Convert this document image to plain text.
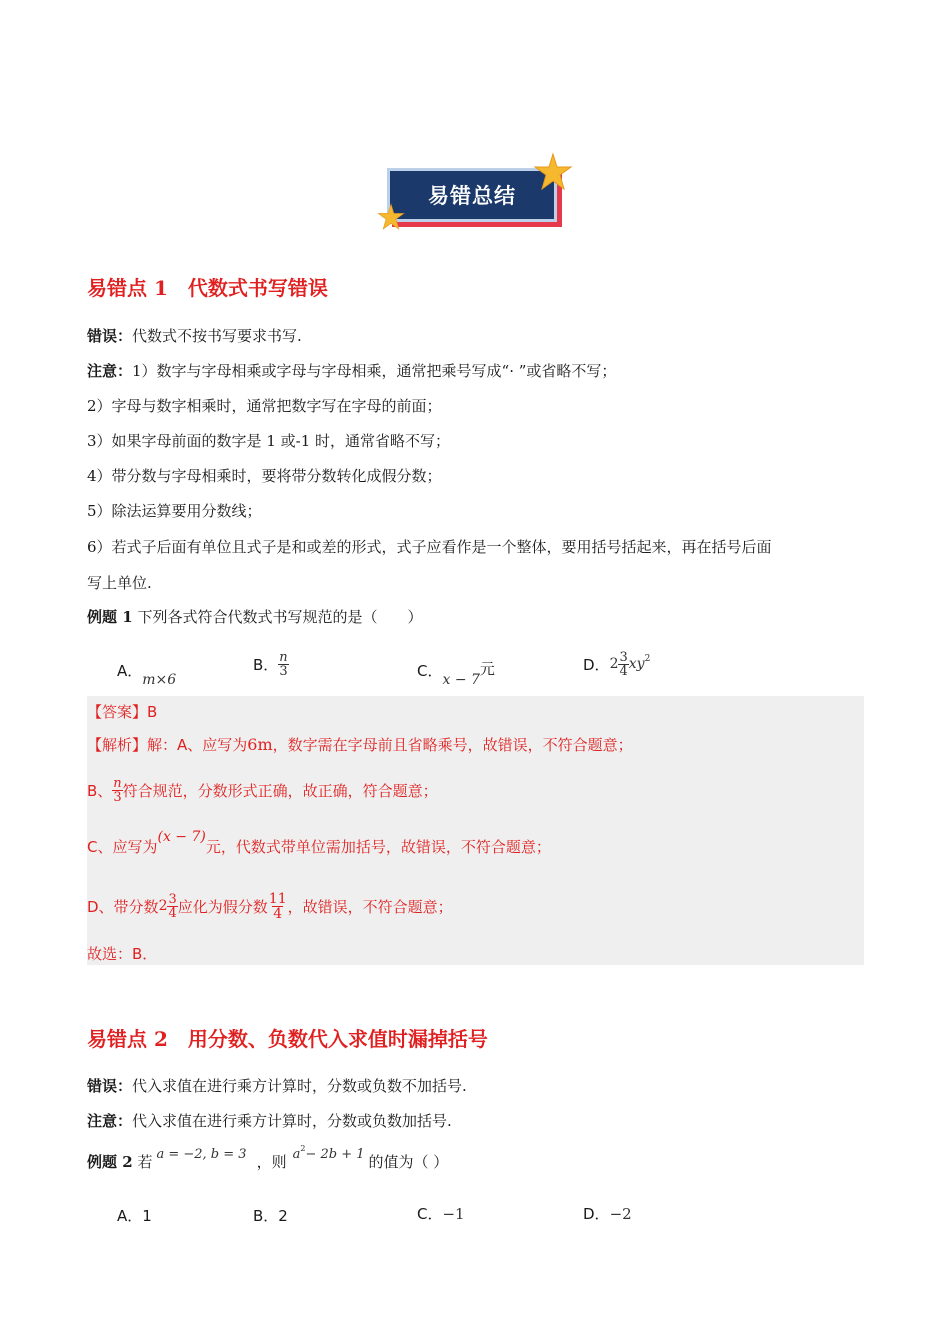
易错总结
易错点 1　代数式书写错误
错误：代数式不按书写要求书写.
注意：1）数字与字母相乘或字母与字母相乘，通常把乘号写成“· ”或省略不写；
2）字母与数字相乘时，通常把数字写在字母的前面；
3）如果字母前面的数字是 1 或-1 时，通常省略不写；
4）带分数与字母相乘时，要将带分数转化成假分数；
5）除法运算要用分数线；
6）若式子后面有单位且式子是和或差的形式，式子应看作是一个整体，要用括号括起来，再在括号后面
写上单位.
例题 1 下列各式符合代数式书写规范的是（　　）
A．
m×6
B． $\frac{n}{3}$	C．
x − 7
元	D． $2 \frac{3}{4} xy^2$
【答案】B
【解析】解：A、应写为6m，数字需在字母前且省略乘号，故错误，不符合题意；
B、 $\frac{n}{3}$ 符合规范，分数形式正确，故正确，符合题意；
C、应写为
(x − 7)
元，代数式带单位需加括号，故错误，不符合题意；
D、带分数 $2 \frac{3}{4}$ 应化为假分数 $\frac{11}{4}$ ，故错误，不符合题意；
故选：B．
易错点 2　用分数、负数代入求值时漏掉括号
错误：代入求值在进行乘方计算时，分数或负数不加括号.
注意：代入求值在进行乘方计算时，分数或负数加括号.
例题 2
若 a = −2, b = 3 ，则 $a^2 - 2b + 1$ 的值为（ ）
A．1	B．2	C．−1	D．−2
